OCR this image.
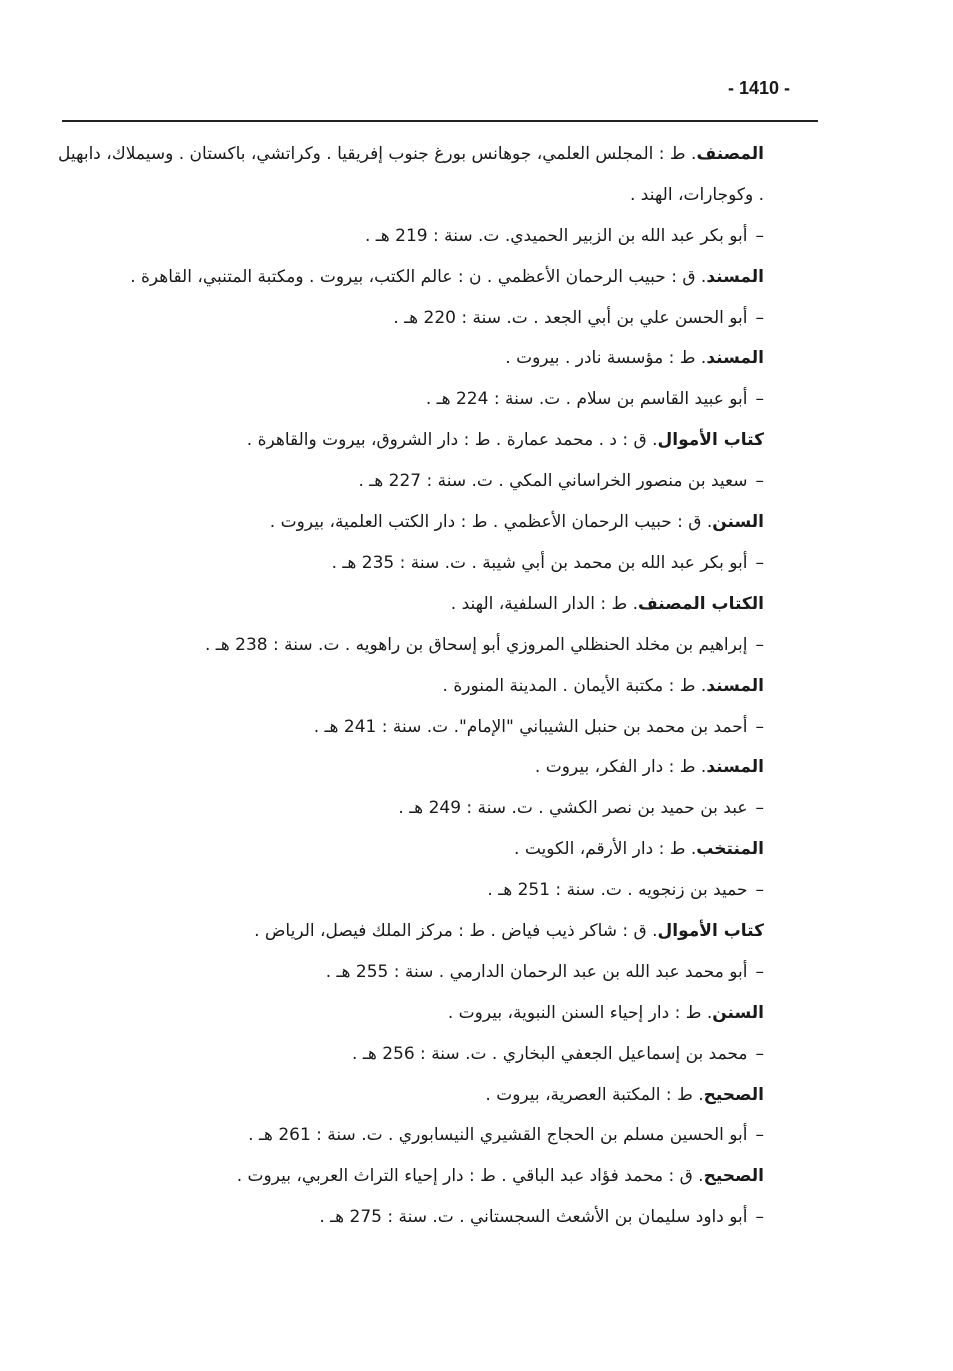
- 1410 -
المصنف. ط : المجلس العلمي، جوهانس بورغ جنوب إفريقيا . وكراتشي، باكستان . وسيملاك، دابهيل . وكوجارات، الهند .
–أبو بكر عبد الله بن الزبير الحميدي. ت. سنة : 219 هـ .
المسند. ق : حبيب الرحمان الأعظمي . ن : عالم الكتب، بيروت . ومكتبة المتنبي، القاهرة .
–أبو الحسن علي بن أبي الجعد . ت. سنة : 220 هـ .
المسند. ط : مؤسسة نادر . بيروت .
–أبو عبيد القاسم بن سلام . ت. سنة : 224 هـ .
كتاب الأموال. ق : د . محمد عمارة . ط : دار الشروق، بيروت والقاهرة .
–سعيد بن منصور الخراساني المكي . ت. سنة : 227 هـ .
السنن. ق : حبيب الرحمان الأعظمي . ط : دار الكتب العلمية، بيروت .
–أبو بكر عبد الله بن محمد بن أبي شيبة . ت. سنة : 235 هـ .
الكتاب المصنف. ط : الدار السلفية، الهند .
–إبراهيم بن مخلد الحنظلي المروزي أبو إسحاق بن راهويه . ت. سنة : 238 هـ .
المسند. ط : مكتبة الأيمان . المدينة المنورة .
–أحمد بن محمد بن حنبل الشيباني "الإمام". ت. سنة : 241 هـ .
المسند. ط : دار الفكر، بيروت .
–عبد بن حميد بن نصر الكشي . ت. سنة : 249 هـ .
المنتخب. ط : دار الأرقم، الكويت .
–حميد بن زنجويه . ت. سنة : 251 هـ .
كتاب الأموال. ق : شاكر ذيب فياض . ط : مركز الملك فيصل، الرياض .
–أبو محمد عبد الله بن عبد الرحمان الدارمي . سنة : 255 هـ .
السنن. ط : دار إحياء السنن النبوية، بيروت .
–محمد بن إسماعيل الجعفي البخاري . ت. سنة : 256 هـ .
الصحيح. ط : المكتبة العصرية، بيروت .
–أبو الحسين مسلم بن الحجاج القشيري النيسابوري . ت. سنة : 261 هـ .
الصحيح. ق : محمد فؤاد عبد الباقي . ط : دار إحياء التراث العربي، بيروت .
–أبو داود سليمان بن الأشعث السجستاني . ت. سنة : 275 هـ .
